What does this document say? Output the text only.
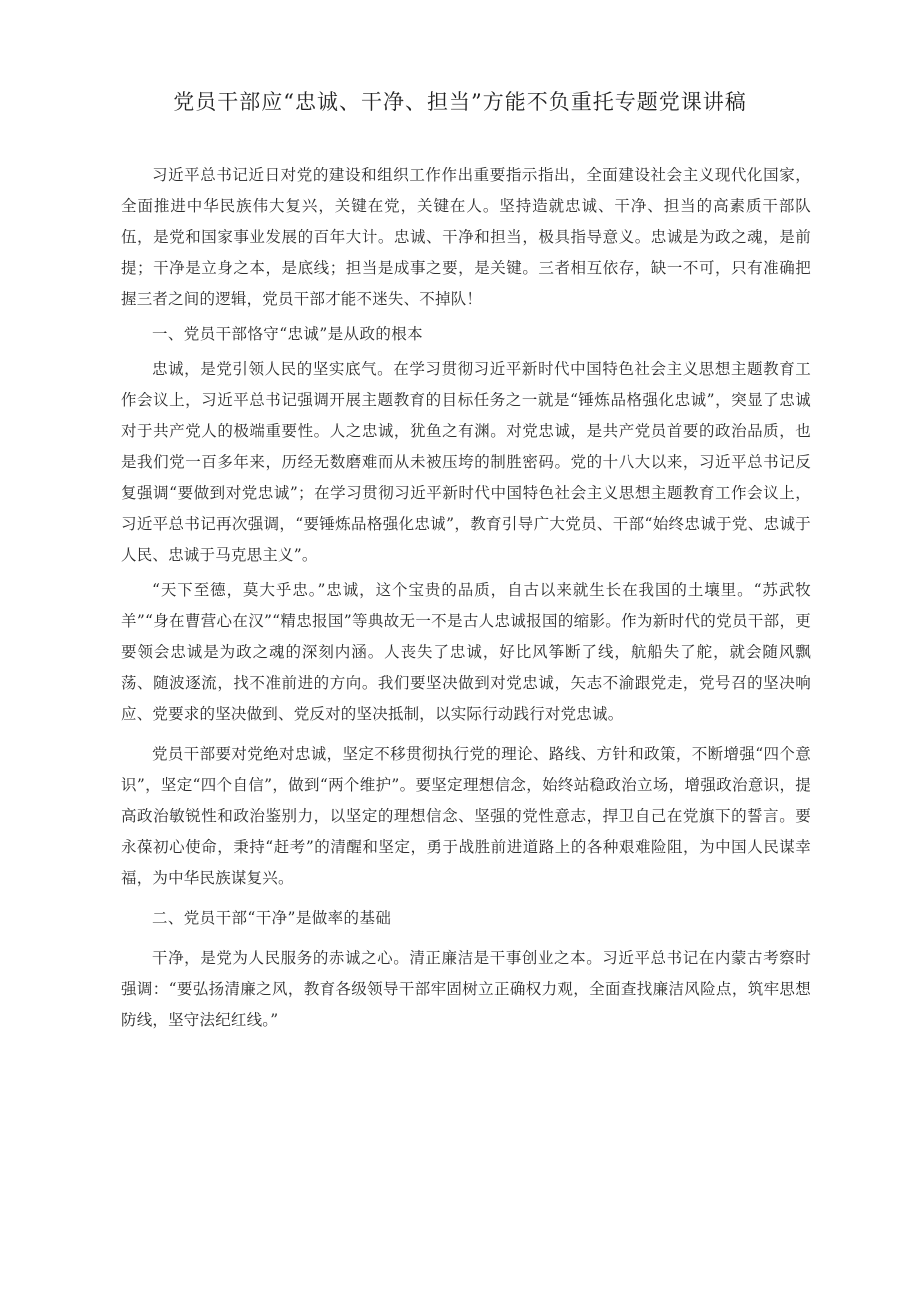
党员干部应“忠诚、干净、担当”方能不负重托专题党课讲稿

习近平总书记近日对党的建设和组织工作作出重要指示指出，全面建设社会主义现代化国家，全面推进中华民族伟大复兴，关键在党，关键在人。坚持造就忠诚、干净、担当的高素质干部队伍，是党和国家事业发展的百年大计。忠诚、干净和担当，极具指导意义。忠诚是为政之魂，是前提；干净是立身之本，是底线；担当是成事之要，是关键。三者相互依存，缺一不可，只有准确把握三者之间的逻辑，党员干部才能不迷失、不掉队！

一、党员干部恪守“忠诚”是从政的根本

忠诚，是党引领人民的坚实底气。在学习贯彻习近平新时代中国特色社会主义思想主题教育工作会议上，习近平总书记强调开展主题教育的目标任务之一就是“锤炼品格强化忠诚”，突显了忠诚对于共产党人的极端重要性。人之忠诚，犹鱼之有渊。对党忠诚，是共产党员首要的政治品质，也是我们党一百多年来，历经无数磨难而从未被压垮的制胜密码。党的十八大以来，习近平总书记反复强调“要做到对党忠诚”；在学习贯彻习近平新时代中国特色社会主义思想主题教育工作会议上，习近平总书记再次强调，“要锤炼品格强化忠诚”，教育引导广大党员、干部“始终忠诚于党、忠诚于人民、忠诚于马克思主义”。

“天下至德，莫大乎忠。”忠诚，这个宝贵的品质，自古以来就生长在我国的土壤里。“苏武牧羊”“身在曹营心在汉”“精忠报国”等典故无一不是古人忠诚报国的缩影。作为新时代的党员干部，更要领会忠诚是为政之魂的深刻内涵。人丧失了忠诚，好比风筝断了线，航船失了舵，就会随风飘荡、随波逐流，找不准前进的方向。我们要坚决做到对党忠诚，矢志不渝跟党走，党号召的坚决响应、党要求的坚决做到、党反对的坚决抵制，以实际行动践行对党忠诚。

党员干部要对党绝对忠诚，坚定不移贯彻执行党的理论、路线、方针和政策，不断增强“四个意识”，坚定“四个自信”，做到“两个维护”。要坚定理想信念，始终站稳政治立场，增强政治意识，提高政治敏锐性和政治鉴别力，以坚定的理想信念、坚强的党性意志，捍卫自己在党旗下的誓言。要永葆初心使命，秉持“赶考”的清醒和坚定，勇于战胜前进道路上的各种艰难险阻，为中国人民谋幸福，为中华民族谋复兴。

二、党员干部“干净”是做率的基础

干净，是党为人民服务的赤诚之心。清正廉洁是干事创业之本。习近平总书记在内蒙古考察时强调：“要弘扬清廉之风，教育各级领导干部牢固树立正确权力观，全面查找廉洁风险点，筑牢思想防线，坚守法纪红线。”
